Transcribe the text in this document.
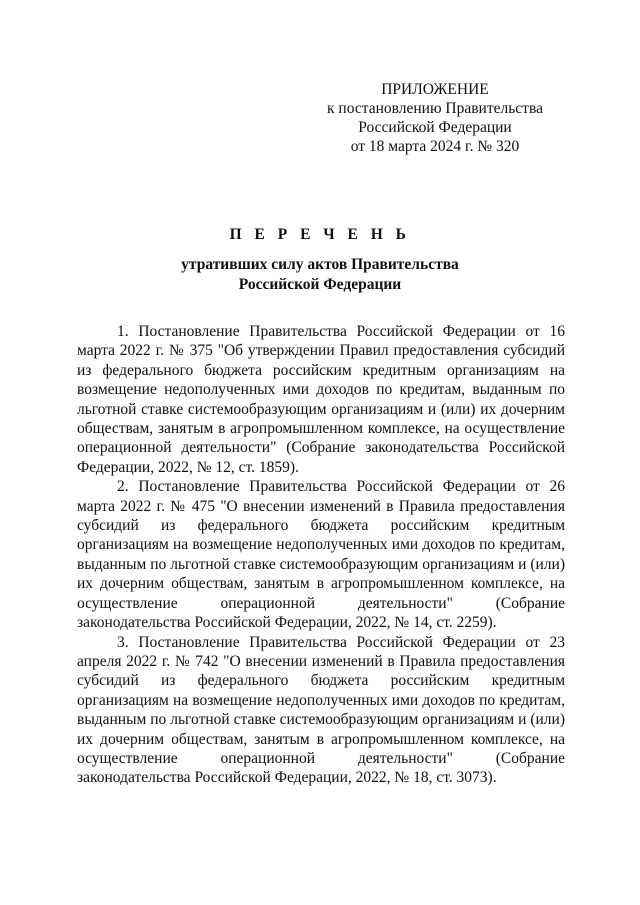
ПРИЛОЖЕНИЕ
к постановлению Правительства
Российской Федерации
от 18 марта 2024 г. № 320
П Е Р Е Ч Е Н Ь
утративших силу актов Правительства
Российской Федерации

1. Постановление Правительства Российской Федерации от 16 марта 2022 г. № 375 "Об утверждении Правил предоставления субсидий из федерального бюджета российским кредитным организациям на возмещение недополученных ими доходов по кредитам, выданным по льготной ставке системообразующим организациям и (или) их дочерним обществам, занятым в агропромышленном комплексе, на осуществление операционной деятельности" (Собрание законодательства Российской Федерации, 2022, № 12, ст. 1859).

2. Постановление Правительства Российской Федерации от 26 марта 2022 г. № 475 "О внесении изменений в Правила предоставления субсидий из федерального бюджета российским кредитным организациям на возмещение недополученных ими доходов по кредитам, выданным по льготной ставке системообразующим организациям и (или) их дочерним обществам, занятым в агропромышленном комплексе, на осуществление операционной деятельности" (Собрание законодательства Российской Федерации, 2022, № 14, ст. 2259).

3. Постановление Правительства Российской Федерации от 23 апреля 2022 г. № 742 "О внесении изменений в Правила предоставления субсидий из федерального бюджета российским кредитным организациям на возмещение недополученных ими доходов по кредитам, выданным по льготной ставке системообразующим организациям и (или) их дочерним обществам, занятым в агропромышленном комплексе, на осуществление операционной деятельности" (Собрание законодательства Российской Федерации, 2022, № 18, ст. 3073).
